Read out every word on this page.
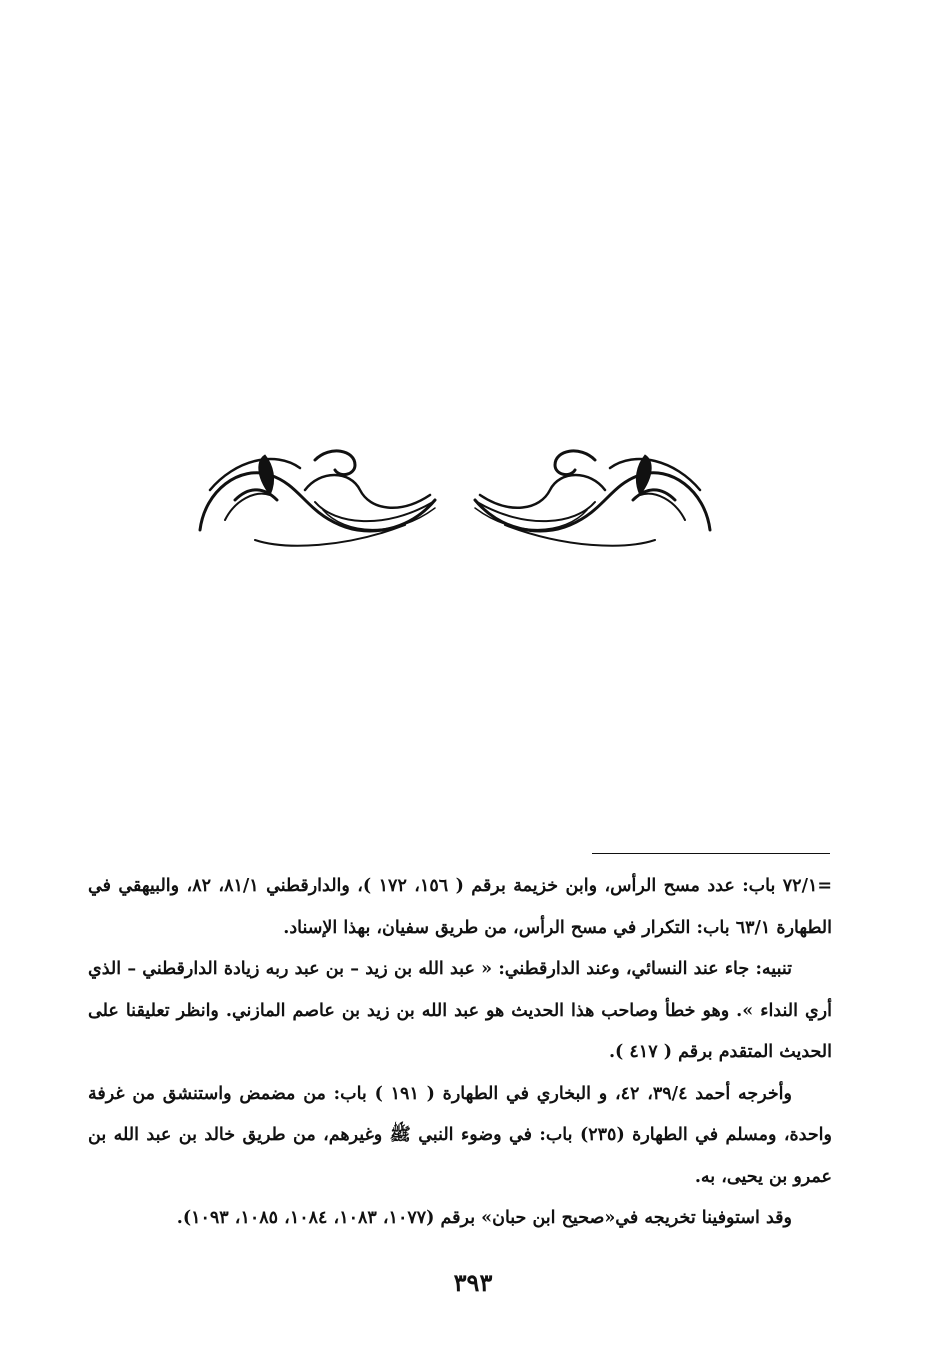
=٧٢/١ باب: عدد مسح الرأس، وابن خزيمة برقم ( ١٥٦، ١٧٢ )، والدارقطني ٨١/١، ٨٢، والبيهقي في الطهارة ٦٣/١ باب: التكرار في مسح الرأس، من طريق سفيان، بهذا الإسناد.

تنبيه: جاء عند النسائي، وعند الدارقطني: « عبد الله بن زيد – بن عبد ربه زيادة الدارقطني – الذي أري النداء ». وهو خطأ وصاحب هذا الحديث هو عبد الله بن زيد بن عاصم المازني. وانظر تعليقنا على الحديث المتقدم برقم ( ٤١٧ ).

وأخرجه أحمد ٣٩/٤، ٤٢، و البخاري في الطهارة ( ١٩١ ) باب: من مضمض واستنشق من غرفة واحدة، ومسلم في الطهارة (٢٣٥) باب: في وضوء النبي ﷺ وغيرهم، من طريق خالد بن عبد الله بن عمرو بن يحيى، به.

وقد استوفينا تخريجه في«صحيح ابن حبان» برقم (١٠٧٧، ١٠٨٣، ١٠٨٤، ١٠٨٥، ١٠٩٣).

٣٩٣
